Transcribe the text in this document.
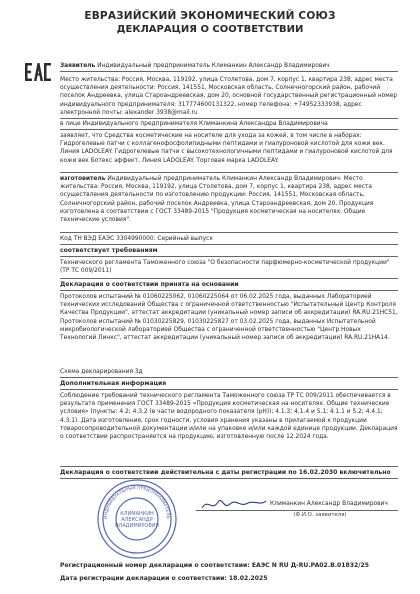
ЕВРАЗИЙСКИЙ ЭКОНОМИЧЕСКИЙ СОЮЗ
ДЕКЛАРАЦИЯ О СООТВЕТСТВИИ
Заявитель Индивидуальный предприниматель Климанкин Александр Владимирович
Место жительства: Россия, Москва, 119192, улица Столетова, дом 7, корпус 1, квартира 238, адрес места осуществления деятельности: Россия, 141551, Московская область, Солнечногорский район, рабочий поселок Андреевка, улица Староандреевская, дом 20, основной государственный регистрационный номер индивидуального предпринимателя: 317774600131322, номер телефона: +74952333938, адрес электронной почты: alexander 3938@mail.ru
в лице Индивидуального предпринимателя Климанкина Александра Владимировича
заявляет, что Средства косметические на носителе для ухода за кожей, в том числе в наборах: Гидрогелевые патчи с коллагенофосфолипидными пептидами и гиалуроновой кислотой для кожи век. Линия LADOLEAY. Гидрогелевые патчи с высокотехнологичными пептидами и гиалуроновой кислотой для кожи век Ботекс эффект. Линия LADOLEAY. Торговая марка LADOLEAY.
изготовитель Индивидуальный предприниматель Климанкин Александр Владимирович. Место жительства: Россия, Москва, 119192, улица Столетова, дом 7, корпус 1, квартира 238, адрес места осуществления деятельности по изготовлению продукции: Россия, 141551, Московская область, Солнечногорский район, рабочий поселок Андреевка, улица Староандреевская, дом 20. Продукция изготовлена в соответствии с ГОСТ 33489-2015 "Продукция косметическая на носителях. Общие технические условия".
Код ТН ВЭД ЕАЭС 3304990000. Серийный выпуск
соответствует требованиям
Технического регламента Таможенного союза "О безопасности парфюмерно-косметической продукции" (ТР ТС 009/2011)
Декларация о соответствии принята на основании
Протоколов испытаний № 01060225062, 01060225064 от 06.02.2025 года, выданных Лабораторией технических исследований Общества с ограниченной ответственностью "Испытательный Центр Контроля Качества Продукции", аттестат аккредитации (уникальный номер записи об аккредитации) RA.RU.21HC51, Протоколов испытаний № 01030225829, 01030225827 от 03.02.2025 года, выданных Испытательной микробиологической лабораторией Общества с ограниченной ответственностью "Центр Новых Технологий Линкс", аттестат аккредитации (уникальный номер записи об аккредитации) RA.RU.21HA14.
Схема декларирования 3д
Дополнительная информация
Соблюдение требований технического регламента Таможенного союза ТР ТС 009/2011 обеспечивается в результате применения ГОСТ 33489-2015 «Продукция косметическая на носителях. Общие технические условия» (пункты: 4.2; 4.3.2 (в части водородного показателя (рН)); 4.1.3; 4.1.4 и 5.1; 4.1.1 и 5.2; 4.4.1; 4.3.1). Дата изготовления, срок годности, условия хранения указаны в прилагаемой к продукции товаросопроводительной документации и/или на упаковке и/или каждой единице продукции. Декларация о соответствии распространяется на продукцию, изготовленную после 12.2024 года.
Декларация о соответствии действительна с даты регистрации по 16.02.2030 включительно
КЛИМАНКИН
АЛЕКСАНДР
ВЛАДИМИРОВИЧ
ИНДИВИДУАЛЬНЫЙ ПРЕДПРИНИМАТЕЛЬ
Климанкин Александр Владимирович
(Ф.И.О. заявителя)
Регистрационный номер декларации о соответствии: ЕАЭС N RU Д-RU.PA02.B.01832/25
Дата регистрации декларации о соответствии: 18.02.2025
